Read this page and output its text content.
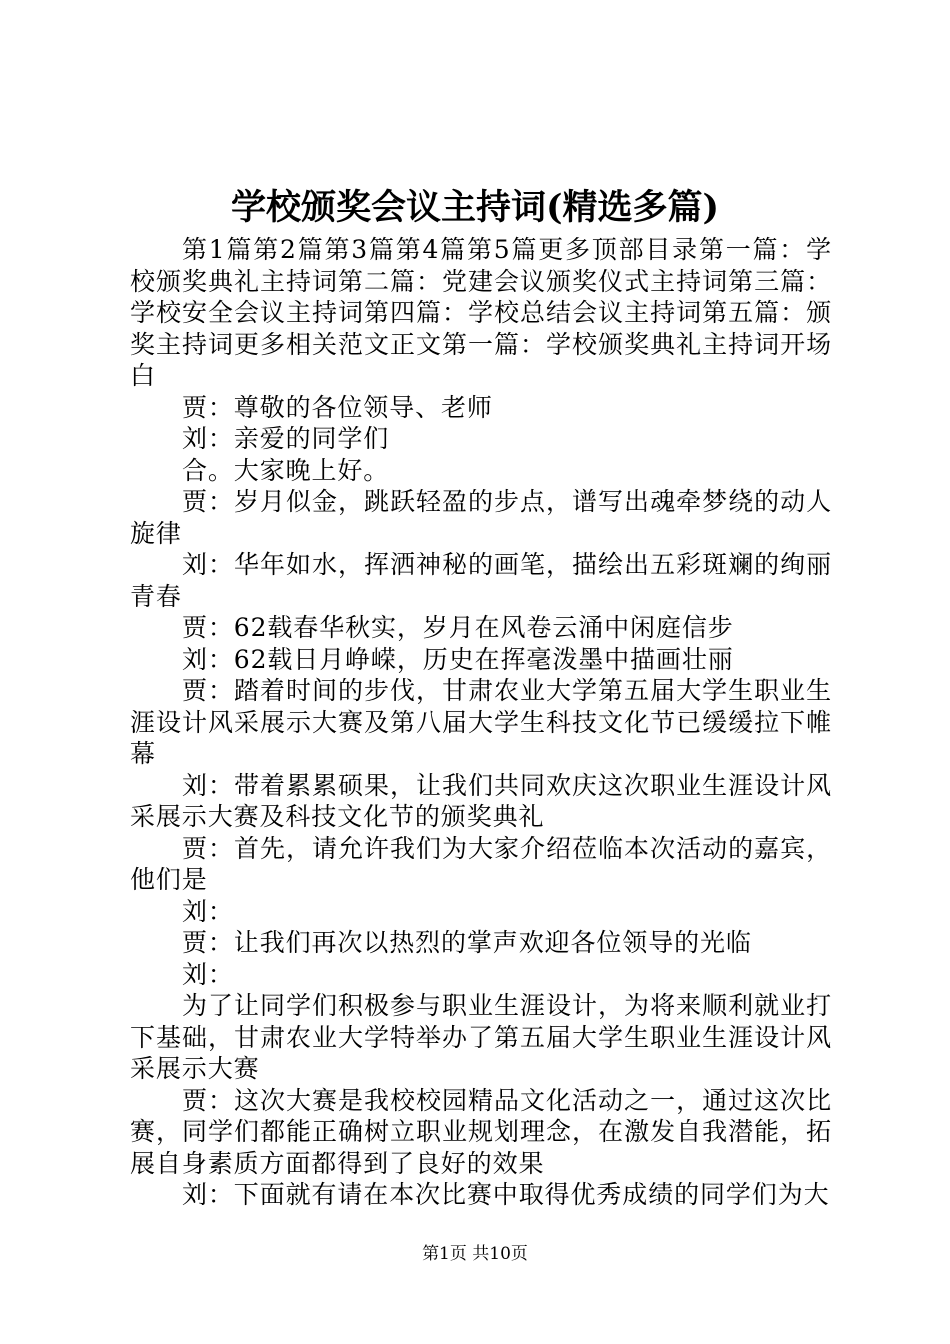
学校颁奖会议主持词(精选多篇)

第1篇第2篇第3篇第4篇第5篇更多顶部目录第一篇：学校颁奖典礼主持词第二篇：党建会议颁奖仪式主持词第三篇：学校安全会议主持词第四篇：学校总结会议主持词第五篇：颁奖主持词更多相关范文正文第一篇：学校颁奖典礼主持词开场白

贾：尊敬的各位领导、老师

刘：亲爱的同学们

合。大家晚上好。

贾：岁月似金，跳跃轻盈的步点，谱写出魂牵梦绕的动人旋律

刘：华年如水，挥洒神秘的画笔，描绘出五彩斑斓的绚丽青春

贾：62载春华秋实，岁月在风卷云涌中闲庭信步

刘：62载日月峥嵘，历史在挥毫泼墨中描画壮丽

贾：踏着时间的步伐，甘肃农业大学第五届大学生职业生涯设计风采展示大赛及第八届大学生科技文化节已缓缓拉下帷幕

刘：带着累累硕果，让我们共同欢庆这次职业生涯设计风采展示大赛及科技文化节的颁奖典礼

贾：首先，请允许我们为大家介绍莅临本次活动的嘉宾，他们是

刘：

贾：让我们再次以热烈的掌声欢迎各位领导的光临

刘：

为了让同学们积极参与职业生涯设计，为将来顺利就业打下基础，甘肃农业大学特举办了第五届大学生职业生涯设计风采展示大赛

贾：这次大赛是我校校园精品文化活动之一，通过这次比赛，同学们都能正确树立职业规划理念，在激发自我潜能，拓展自身素质方面都得到了良好的效果

刘：下面就有请在本次比赛中取得优秀成绩的同学们为大

第1页 共10页
